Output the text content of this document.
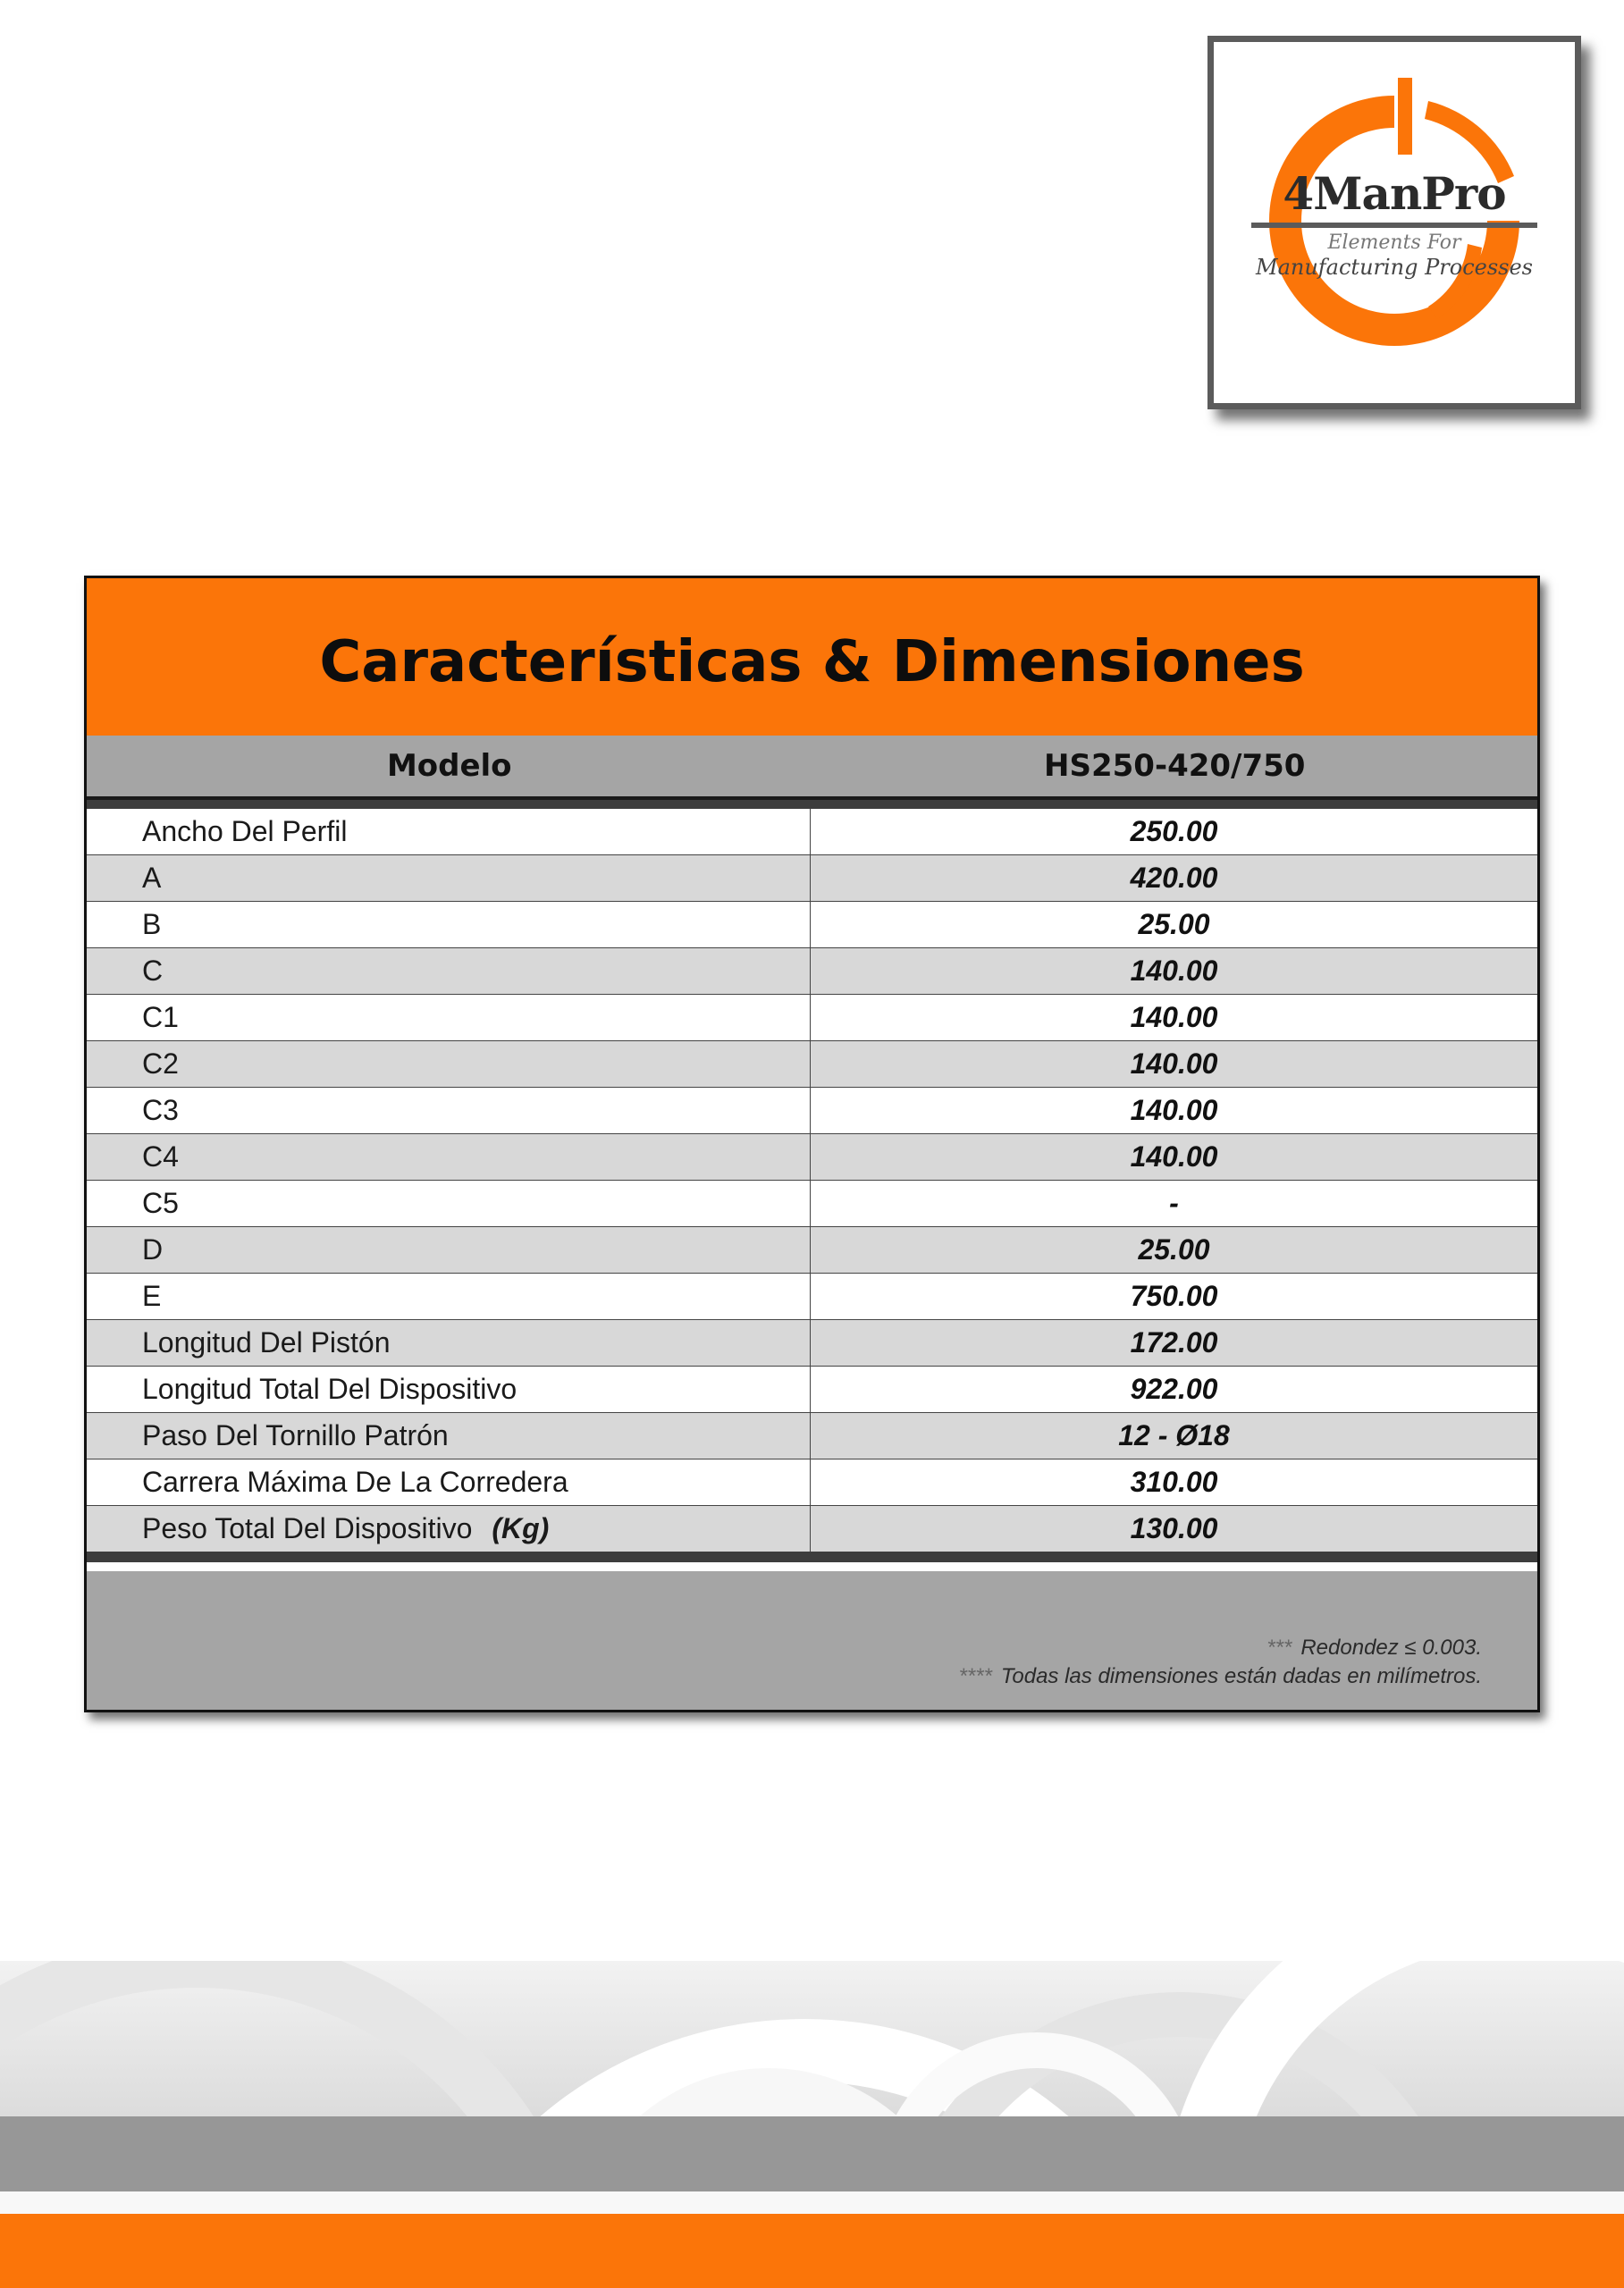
4ManPro
Elements For
Manufacturing Processes
Características & Dimensiones
Modelo	HS250-420/750
Ancho Del Perfil	250.00
A	420.00
B	25.00
C	140.00
C1	140.00
C2	140.00
C3	140.00
C4	140.00
C5	-
D	25.00
E	750.00
Longitud Del Pistón	172.00
Longitud Total Del Dispositivo	922.00
Paso Del Tornillo Patrón	12 - Ø18
Carrera Máxima De La Corredera	310.00
Peso Total Del Dispositivo (Kg)	130.00
*** Redondez ≤ 0.003.
**** Todas las dimensiones están dadas en milímetros.
